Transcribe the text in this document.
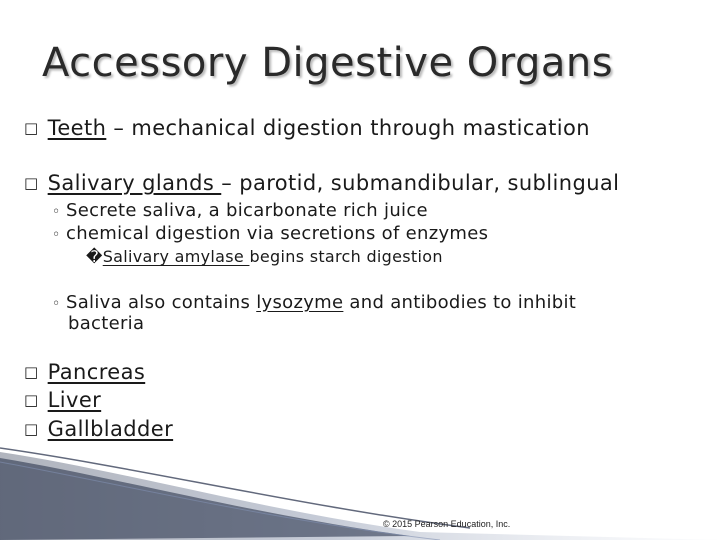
Accessory Digestive Organs
□ Teeth – mechanical digestion through mastication
□ Salivary glands – parotid, submandibular, sublingual
◦ Secrete saliva, a bicarbonate rich juice
◦ chemical digestion via secretions of enzymes
�Salivary amylase begins starch digestion
◦ Saliva also contains lysozyme and antibodies to inhibit
bacteria
□ Pancreas
□ Liver
□ Gallbladder
© 2015 Pearson Education, Inc.
